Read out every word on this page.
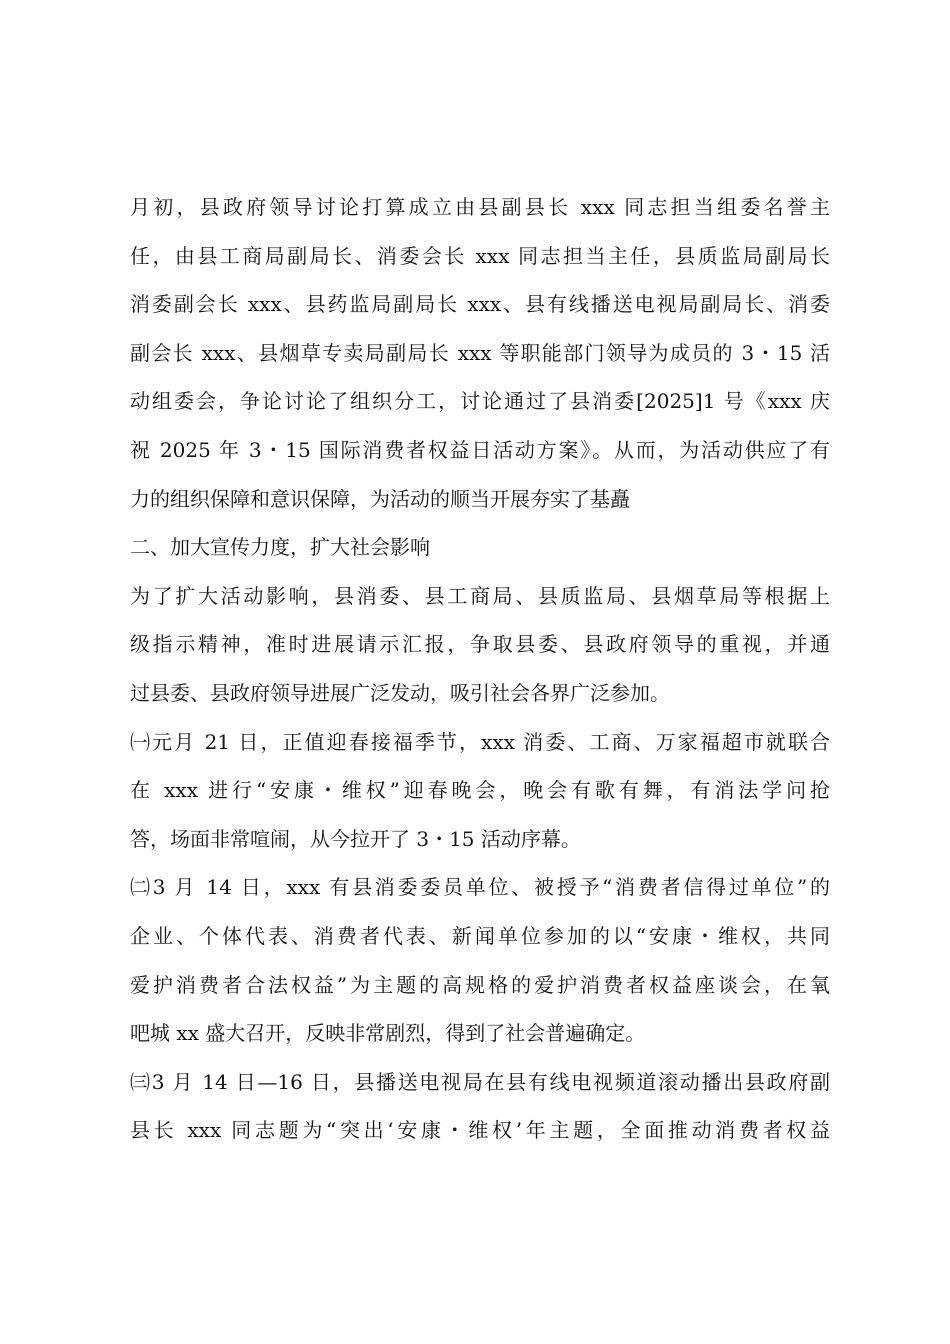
月初，县政府领导讨论打算成立由县副县长 xxx 同志担当组委名誉主
任，由县工商局副局长、消委会长 xxx 同志担当主任，县质监局副局长
消委副会长 xxx、县药监局副局长 xxx、县有线播送电视局副局长、消委
副会长 xxx、县烟草专卖局副局长 xxx 等职能部门领导为成员的 3・15 活
动组委会，争论讨论了组织分工，讨论通过了县消委[2025]1 号《xxx 庆
祝 2025 年 3・15 国际消费者权益日活动方案》。从而，为活动供应了有
力的组织保障和意识保障，为活动的顺当开展夯实了基矗
二、加大宣传力度，扩大社会影响
为了扩大活动影响，县消委、县工商局、县质监局、县烟草局等根据上
级指示精神，准时进展请示汇报，争取县委、县政府领导的重视，并通
过县委、县政府领导进展广泛发动，吸引社会各界广泛参加。
㈠元月 21 日，正值迎春接福季节，xxx 消委、工商、万家福超市就联合
在 xxx 进行“安康・维权”迎春晚会，晚会有歌有舞，有消法学问抢
答，场面非常喧闹，从今拉开了 3・15 活动序幕。
㈡3 月 14 日，xxx 有县消委委员单位、被授予“消费者信得过单位”的
企业、个体代表、消费者代表、新闻单位参加的以“安康・维权，共同
爱护消费者合法权益”为主题的高规格的爱护消费者权益座谈会，在氧
吧城 xx 盛大召开，反映非常剧烈，得到了社会普遍确定。
㈢3 月 14 日—16 日，县播送电视局在县有线电视频道滚动播出县政府副
县长 xxx 同志题为“突出‘安康・维权’年主题，全面推动消费者权益
